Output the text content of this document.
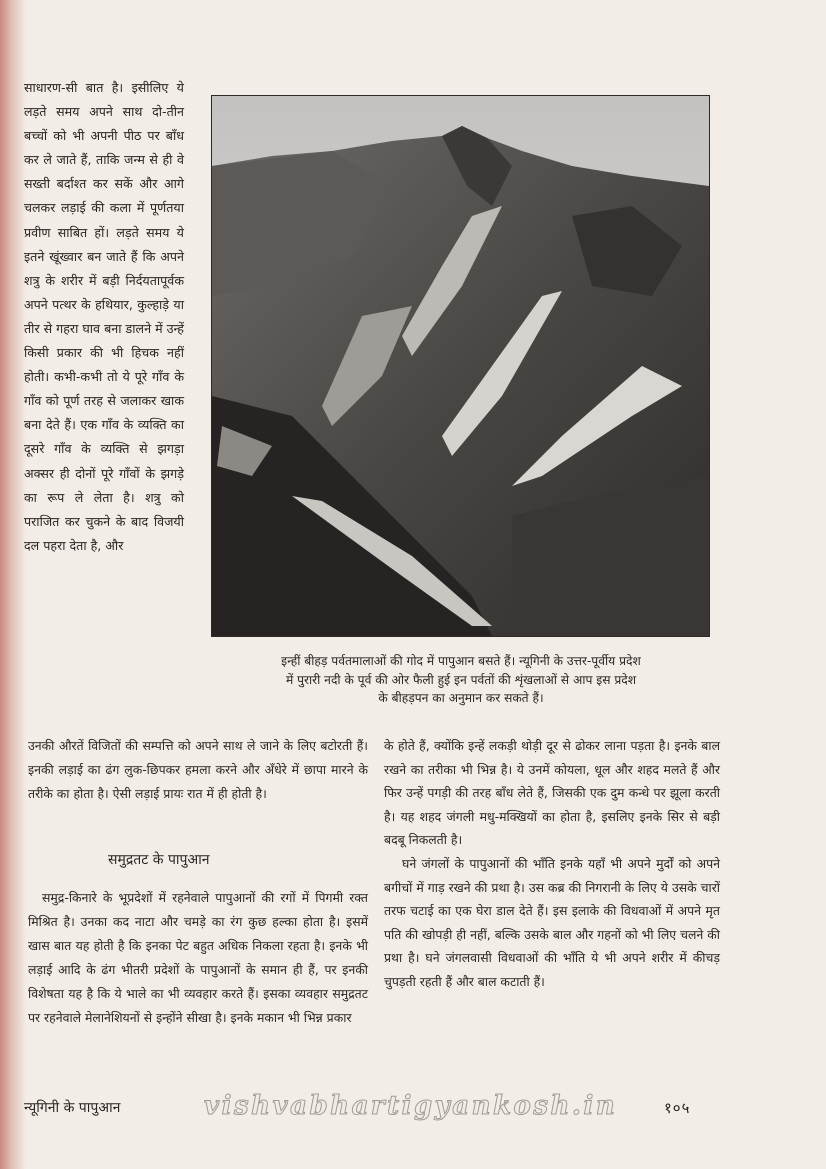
साधारण-सी बात है। इसीलिए ये लड़ते समय अपने साथ दो-तीन बच्चों को भी अपनी पीठ पर बाँध कर ले जाते हैं, ताकि जन्म से ही वे सख्ती बर्दाश्त कर सकें और आगे चलकर लड़ाई की कला में पूर्णतया प्रवीण साबित हों। लड़ते समय ये इतने खूंख्वार बन जाते हैं कि अपने शत्रु के शरीर में बड़ी निर्दयतापूर्वक अपने पत्थर के हथियार, कुल्हाड़े या तीर से गहरा घाव बना डालने में उन्हें किसी प्रकार की भी हिचक नहीं होती। कभी-कभी तो ये पूरे गाँव के गाँव को पूर्ण तरह से जलाकर खाक बना देते हैं। एक गाँव के व्यक्ति का दूसरे गाँव के व्यक्ति से झगड़ा अक्सर ही दोनों पूरे गाँवों के झगड़े का रूप ले लेता है। शत्रु को पराजित कर चुकने के बाद विजयी दल पहरा देता है, और

इन्हीं बीहड़ पर्वतमालाओं की गोद में पापुआन बसते हैं। न्यूगिनी के उत्तर-पूर्वीय प्रदेश

में पुरारी नदी के पूर्व की ओर फैली हुई इन पर्वतों की शृंखलाओं से आप इस प्रदेश

के बीहड़पन का अनुमान कर सकते हैं।

उनकी औरतें विजितों की सम्पत्ति को अपने साथ ले जाने के लिए बटोरती हैं। इनकी लड़ाई का ढंग लुक-छिपकर हमला करने और अँधेरे में छापा मारने के तरीके का होता है। ऐसी लड़ाई प्रायः रात में ही होती है।

समुद्रतट के पापुआन

समुद्र-किनारे के भूप्रदेशों में रहनेवाले पापुआनों की रगों में पिगमी रक्त मिश्रित है। उनका कद नाटा और चमड़े का रंग कुछ हल्का होता है। इसमें खास बात यह होती है कि इनका पेट बहुत अधिक निकला रहता है। इनके भी लड़ाई आदि के ढंग भीतरी प्रदेशों के पापुआनों के समान ही हैं, पर इनकी विशेषता यह है कि ये भाले का भी व्यवहार करते हैं। इसका व्यवहार समुद्रतट पर रहनेवाले मेलानेशियनों से इन्होंने सीखा है। इनके मकान भी भिन्न प्रकार

के होते हैं, क्योंकि इन्हें लकड़ी थोड़ी दूर से ढोकर लाना पड़ता है। इनके बाल रखने का तरीका भी भिन्न है। ये उनमें कोयला, धूल और शहद मलते हैं और फिर उन्हें पगड़ी की तरह बाँध लेते हैं, जिसकी एक दुम कन्धे पर झूला करती है। यह शहद जंगली मधु-मक्खियों का होता है, इसलिए इनके सिर से बड़ी बदबू निकलती है।

घने जंगलों के पापुआनों की भाँति इनके यहाँ भी अपने मुर्दों को अपने बगीचों में गाड़ रखने की प्रथा है। उस कब्र की निगरानी के लिए ये उसके चारों तरफ चटाई का एक घेरा डाल देते हैं। इस इलाके की विधवाओं में अपने मृत पति की खोपड़ी ही नहीं, बल्कि उसके बाल और गहनों को भी लिए चलने की प्रथा है। घने जंगलवासी विधवाओं की भाँति ये भी अपने शरीर में कीचड़ चुपड़ती रहती हैं और बाल कटाती हैं।

न्यूगिनी के पापुआन	vishvabhartigyankosh.in	१०५
